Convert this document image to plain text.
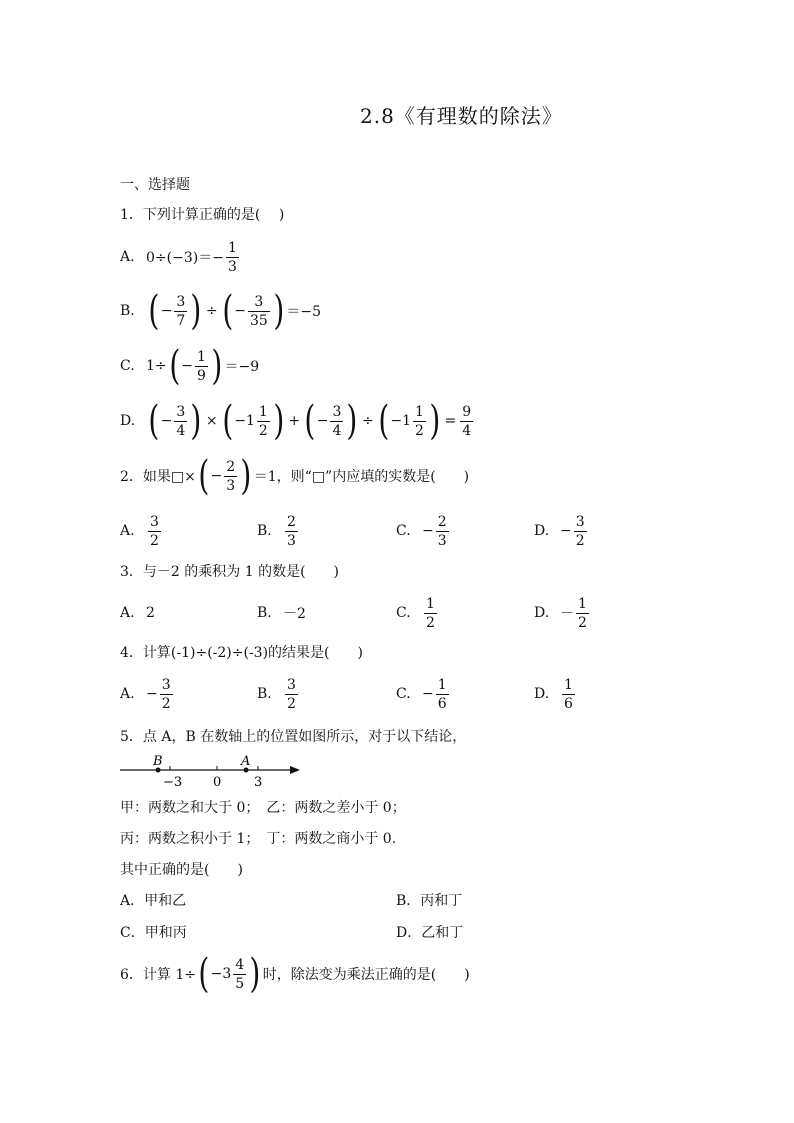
2.8《有理数的除法》
一、选择题
1．下列计算正确的是(　 )
A. $0\div(-3)=- \frac{1}{3}$
B. ( − $\frac{3}{7}$ ) ÷ ( − $\frac{3}{35}$ ) ＝−5
C. 1÷ ( − $\frac{1}{9}$ ) ＝−9
D. ( − $\frac{3}{4}$ ) × ( $-1 \frac{1}{2}$ ) + ( − $\frac{3}{4}$ ) ÷ ( $-1 \frac{1}{2}$ ) = $\frac{9}{4}$
2．如果□× ( − $\frac{2}{3}$ ) ＝1，则“□”内应填的实数是(　　)
A. $\frac{3}{2}$	B. $\frac{2}{3}$	C. − $\frac{2}{3}$	D. − $\frac{3}{2}$
3．与－2 的乘积为 1 的数是(　　)
A. 2	B. －2	C. $\frac{1}{2}$	D. － $\frac{1}{2}$
4．计算(-1)÷(-2)÷(-3)的结果是(　　)
A. − $\frac{3}{2}$	B. $\frac{3}{2}$	C. − $\frac{1}{6}$	D. $\frac{1}{6}$
5．点 A，B 在数轴上的位置如图所示，对于以下结论，
B	A
−3 0	3
甲：两数之和大于 0；　乙：两数之差小于 0；
丙：两数之积小于 1；　丁：两数之商小于 0.
其中正确的是(　　)
A．甲和乙	B．丙和丁
C．甲和丙	D．乙和丁
6．计算 1÷ ( $-3 \frac{4}{5}$ ) 时，除法变为乘法正确的是(　　)
